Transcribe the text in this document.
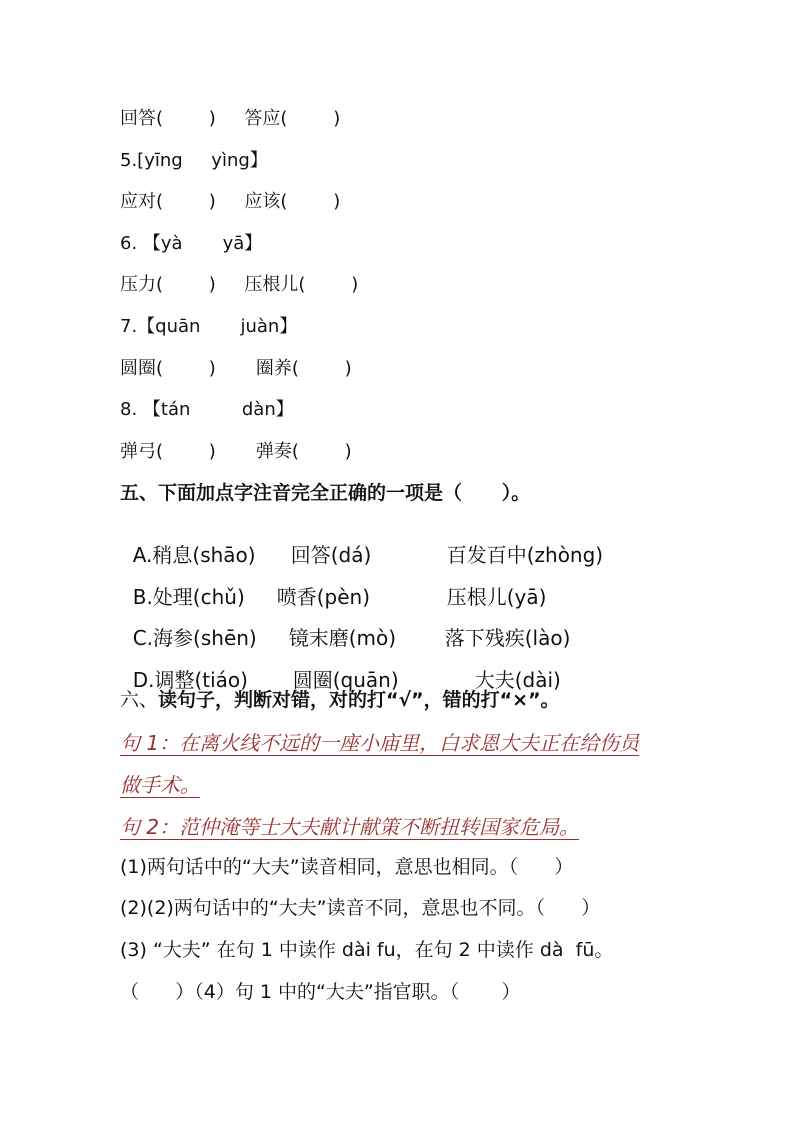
回答(        )     答应(        )
5.[yīng     yìng】
应对(        )     应该(        )
6. 【yà       yā】
压力(        )     压根儿(        )
7.【quān       juàn】
圆圈(        )       圈养(        )
8. 【tán         dàn】
弹弓(        )       弹奏(        )
五、下面加点字注音完全正确的一项是（      ）。

A.稍息(shāo) 回答(dá)	百发百中(zhòng)

B.处理(chǔ) 喷香(pèn)	压根儿(yā)

C.海参(shēn) 镜末磨(mò) 落下残疾(lào)

D.调整(tiáo) 圆圈(quān)	大夫(dài)

六、读句子，判断对错，对的打“√”，错的打“×”。
句 1：在离火线不远的一座小庙里，白求恩大夫正在给伤员
做手术。
句 2：范仲淹等士大夫献计献策不断扭转国家危局。
(1)两句话中的“大夫”读音相同，意思也相同。（      ）
(2)(2)两句话中的“大夫”读音不同，意思也不同。（      ）
(3) “大夫” 在句 1 中读作 dài fu，在句 2 中读作 dà  fū。
（      ）（4）句 1 中的“大夫”指官职。（       ）
